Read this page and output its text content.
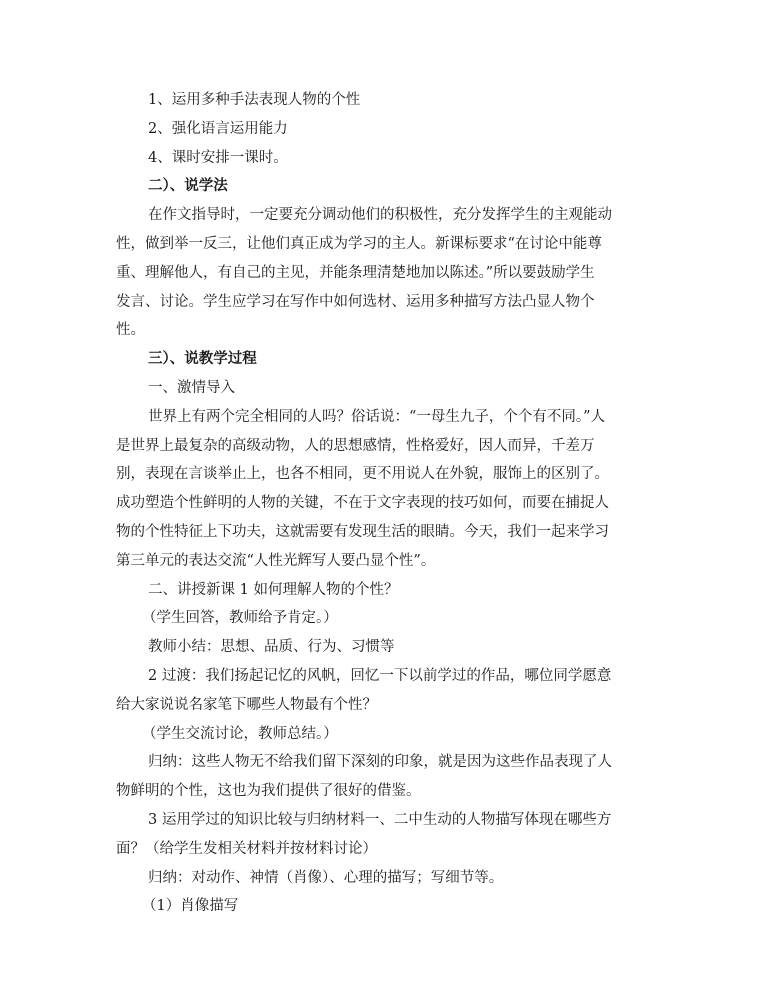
1、运用多种手法表现人物的个性

2、强化语言运用能力

4、课时安排一课时。

二）、说学法

在作文指导时，一定要充分调动他们的积极性，充分发挥学生的主观能动
性，做到举一反三，让他们真正成为学习的主人。新课标要求“在讨论中能尊
重、理解他人，有自己的主见，并能条理清楚地加以陈述。”所以要鼓励学生
发言、讨论。学生应学习在写作中如何选材、运用多种描写方法凸显人物个
性。

三）、说教学过程

一、激情导入

世界上有两个完全相同的人吗？俗话说：“一母生九子，个个有不同。”人
是世界上最复杂的高级动物，人的思想感情，性格爱好，因人而异，千差万
别，表现在言谈举止上，也各不相同，更不用说人在外貌，服饰上的区别了。
成功塑造个性鲜明的人物的关键，不在于文字表现的技巧如何，而要在捕捉人
物的个性特征上下功夫，这就需要有发现生活的眼睛。今天，我们一起来学习
第三单元的表达交流“人性光辉写人要凸显个性”。

二、讲授新课 1 如何理解人物的个性？

（学生回答，教师给予肯定。）

教师小结：思想、品质、行为、习惯等

2 过渡：我们扬起记忆的风帆，回忆一下以前学过的作品，哪位同学愿意
给大家说说名家笔下哪些人物最有个性？

（学生交流讨论，教师总结。）

归纳：这些人物无不给我们留下深刻的印象，就是因为这些作品表现了人
物鲜明的个性，这也为我们提供了很好的借鉴。
3 运用学过的知识比较与归纳材料一、二中生动的人物描写体现在哪些方
面？（给学生发相关材料并按材料讨论）

归纳：对动作、神情（肖像）、心理的描写；写细节等。

（1）肖像描写
